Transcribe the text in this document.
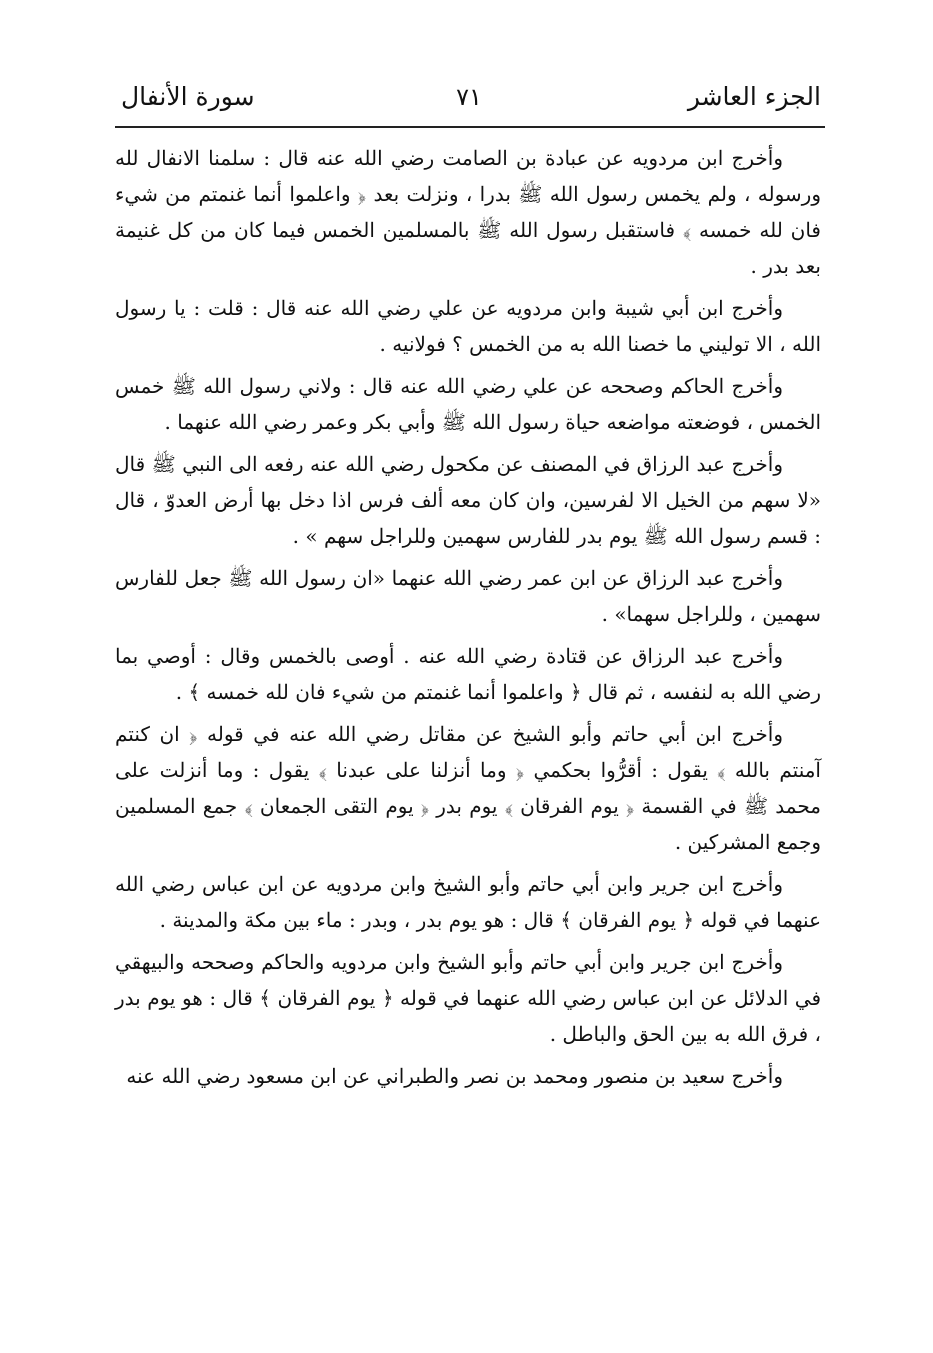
الجزء العاشر
٧١
سورة الأنفال

وأخرج ابن مردويه عن عبادة بن الصامت رضي الله عنه قال : سلمنا الانفال لله ورسوله ، ولم يخمس رسول الله ﷺ بدرا ، ونزلت بعد ﴿ واعلموا أنما غنمتم من شيء فان لله خمسه ﴾ فاستقبل رسول الله ﷺ بالمسلمين الخمس فيما كان من كل غنيمة بعد بدر .

وأخرج ابن أبي شيبة وابن مردويه عن علي رضي الله عنه قال : قلت : يا رسول الله ، الا توليني ما خصنا الله به من الخمس ؟ فولانيه .

وأخرج الحاكم وصححه عن علي رضي الله عنه قال : ولاني رسول الله ﷺ خمس الخمس ، فوضعته مواضعه حياة رسول الله ﷺ وأبي بكر وعمر رضي الله عنهما .

وأخرج عبد الرزاق في المصنف عن مكحول رضي الله عنه رفعه الى النبي ﷺ قال «لا سهم من الخيل الا لفرسين، وان كان معه ألف فرس اذا دخل بها أرض العدوّ ، قال : قسم رسول الله ﷺ يوم بدر للفارس سهمين وللراجل سهم » .

وأخرج عبد الرزاق عن ابن عمر رضي الله عنهما «ان رسول الله ﷺ جعل للفارس سهمين ، وللراجل سهما» .

وأخرج عبد الرزاق عن قتادة رضي الله عنه . أوصى بالخمس وقال : أوصي بما رضي الله به لنفسه ، ثم قال ﴿ واعلموا أنما غنمتم من شيء فان لله خمسه ﴾ .

وأخرج ابن أبي حاتم وأبو الشيخ عن مقاتل رضي الله عنه في قوله ﴿ ان كنتم آمنتم بالله ﴾ يقول : أقرُّوا بحكمي ﴿ وما أنزلنا على عبدنا ﴾ يقول : وما أنزلت على محمد ﷺ في القسمة ﴿ يوم الفرقان ﴾ يوم بدر ﴿ يوم التقى الجمعان ﴾ جمع المسلمين وجمع المشركين .

وأخرج ابن جرير وابن أبي حاتم وأبو الشيخ وابن مردويه عن ابن عباس رضي الله عنهما في قوله ﴿ يوم الفرقان ﴾ قال : هو يوم بدر ، وبدر : ماء بين مكة والمدينة .

وأخرج ابن جرير وابن أبي حاتم وأبو الشيخ وابن مردويه والحاكم وصححه والبيهقي في الدلائل عن ابن عباس رضي الله عنهما في قوله ﴿ يوم الفرقان ﴾ قال : هو يوم بدر ، فرق الله به بين الحق والباطل .

وأخرج سعيد بن منصور ومحمد بن نصر والطبراني عن ابن مسعود رضي الله عنه
